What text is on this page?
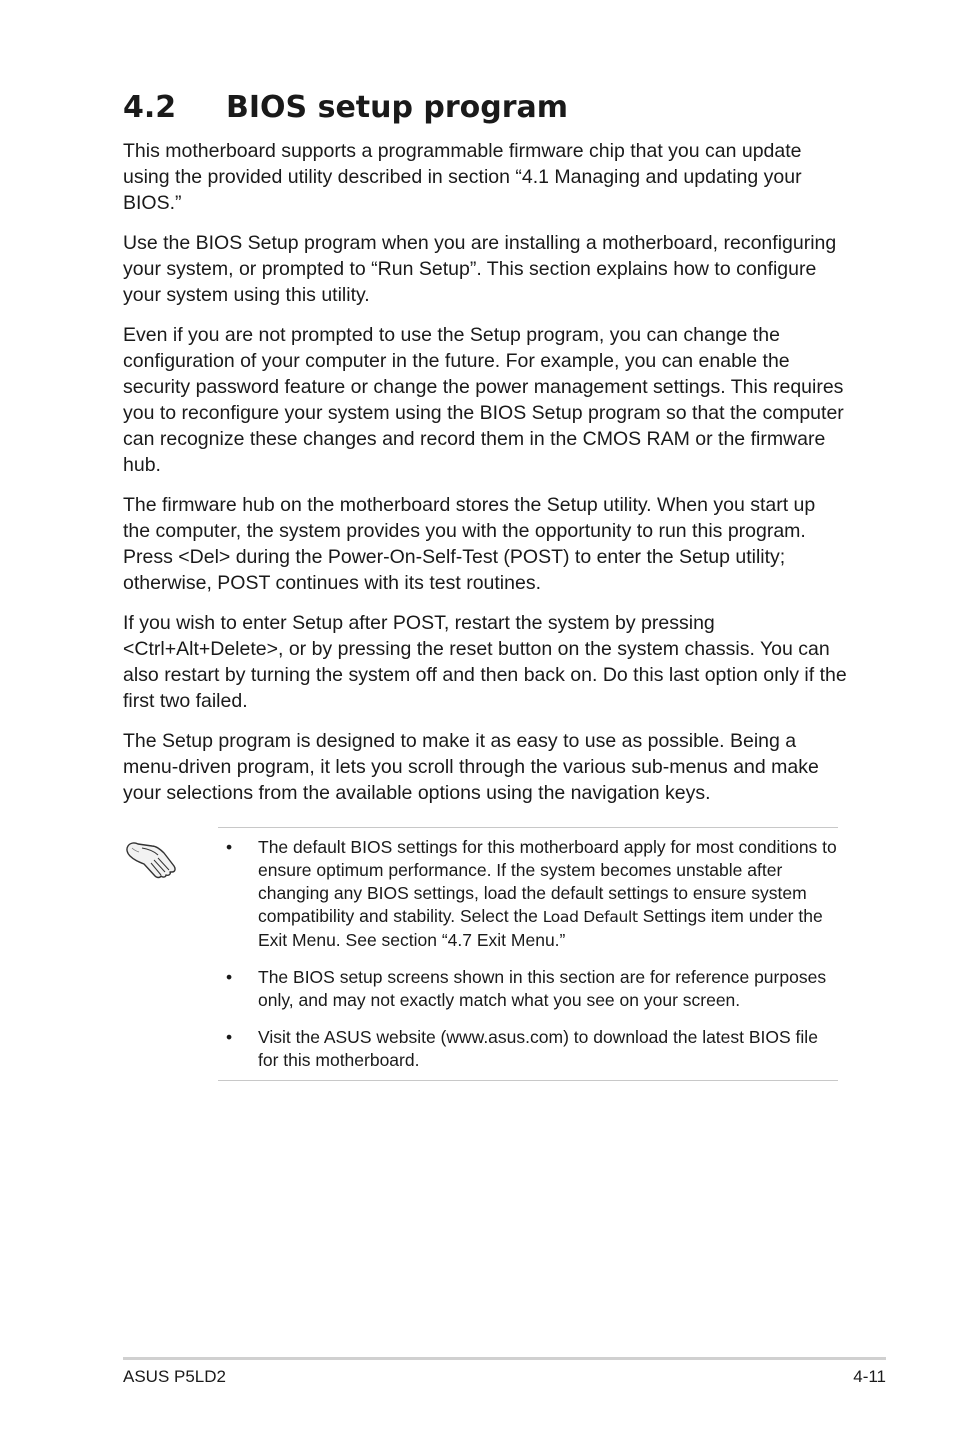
4.2 BIOS setup program

This motherboard supports a programmable firmware chip that you can update using the provided utility described in section “4.1 Managing and updating your BIOS.”

Use the BIOS Setup program when you are installing a motherboard, reconfiguring your system, or prompted to “Run Setup”. This section explains how to configure your system using this utility.

Even if you are not prompted to use the Setup program, you can change the configuration of your computer in the future. For example, you can enable the security password feature or change the power management settings. This requires you to reconfigure your system using the BIOS Setup program so that the computer can recognize these changes and record them in the CMOS RAM or the firmware hub.

The firmware hub on the motherboard stores the Setup utility. When you start up the computer, the system provides you with the opportunity to run this program. Press <Del> during the Power-On-Self-Test (POST) to enter the Setup utility; otherwise, POST continues with its test routines.

If you wish to enter Setup after POST, restart the system by pressing <Ctrl+Alt+Delete>, or by pressing the reset button on the system chassis. You can also restart by turning the system off and then back on. Do this last option only if the first two failed.

The Setup program is designed to make it as easy to use as possible. Being a menu-driven program, it lets you scroll through the various sub-menus and make your selections from the available options using the navigation keys.

• The default BIOS settings for this motherboard apply for most conditions to ensure optimum performance. If the system becomes unstable after changing any BIOS settings, load the default settings to ensure system compatibility and stability. Select the Load Default Settings item under the Exit Menu. See section “4.7 Exit Menu.”
• The BIOS setup screens shown in this section are for reference purposes only, and may not exactly match what you see on your screen.
• Visit the ASUS website (www.asus.com) to download the latest BIOS file for this motherboard.
ASUS P5LD2	4-11
